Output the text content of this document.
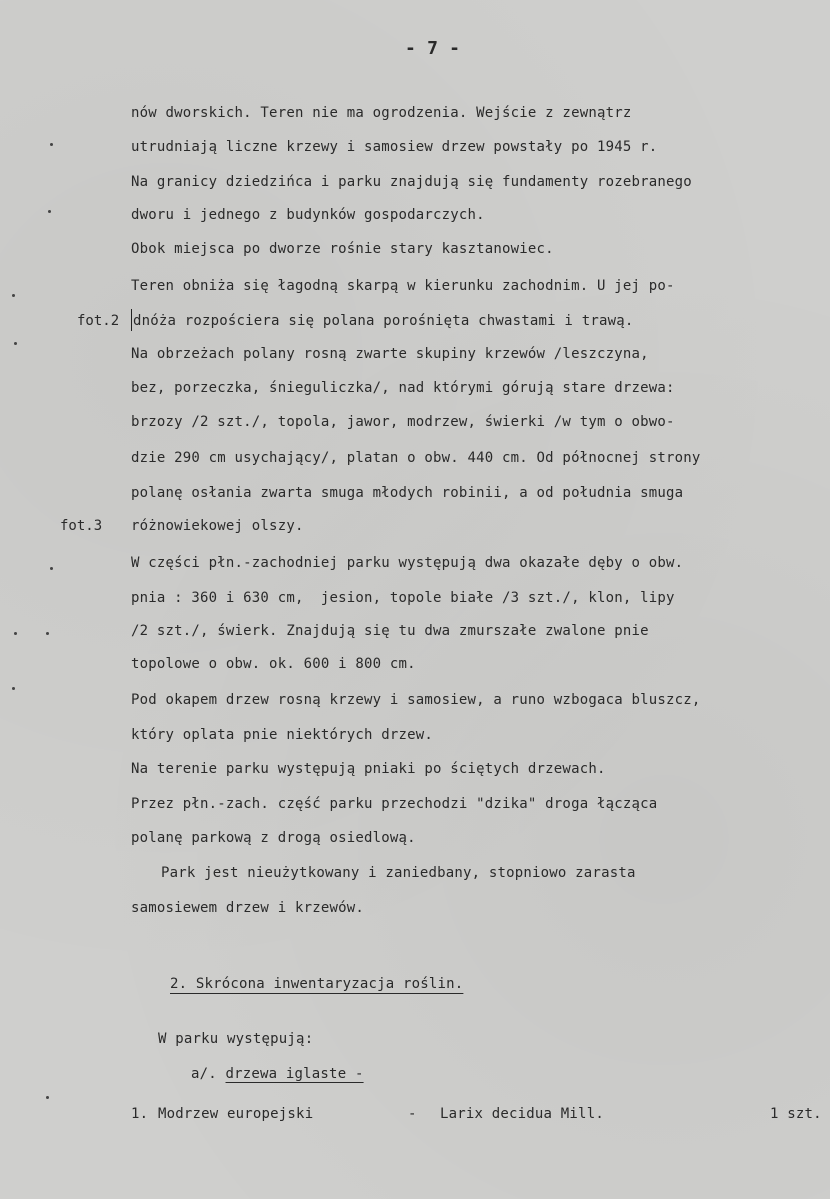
- 7 -
nów dworskich. Teren nie ma ogrodzenia. Wejście z zewnątrz
utrudniają liczne krzewy i samosiew drzew powstały po 1945 r.
Na granicy dziedzińca i parku znajdują się fundamenty rozebranego
dworu i jednego z budynków gospodarczych.
Obok miejsca po dworze rośnie stary kasztanowiec.
Teren obniża się łagodną skarpą w kierunku zachodnim. U jej po-
fot.2 dnóża rozpościera się polana porośnięta chwastami i trawą.
Na obrzeżach polany rosną zwarte skupiny krzewów /leszczyna,
bez, porzeczka, śnieguliczka/, nad którymi górują stare drzewa:
brzozy /2 szt./, topola, jawor, modrzew, świerki /w tym o obwo-
dzie 290 cm usychający/, platan o obw. 440 cm. Od północnej strony
polanę osłania zwarta smuga młodych robinii, a od południa smuga
fot.3 różnowiekowej olszy.
W części płn.-zachodniej parku występują dwa okazałe dęby o obw.
pnia : 360 i 630 cm,  jesion, topole białe /3 szt./, klon, lipy
/2 szt./, świerk. Znajdują się tu dwa zmurszałe zwalone pnie
topolowe o obw. ok. 600 i 800 cm.
Pod okapem drzew rosną krzewy i samosiew, a runo wzbogaca bluszcz,
który oplata pnie niektórych drzew.
Na terenie parku występują pniaki po ściętych drzewach.
Przez płn.-zach. część parku przechodzi "dzika" droga łącząca
polanę parkową z drogą osiedlową.
Park jest nieużytkowany i zaniedbany, stopniowo zarasta
samosiewem drzew i krzewów.
2. Skrócona inwentaryzacja roślin.
W parku występują:
a/. drzewa iglaste -
1. Modrzew europejski	- Larix decidua Mill.	1 szt.
